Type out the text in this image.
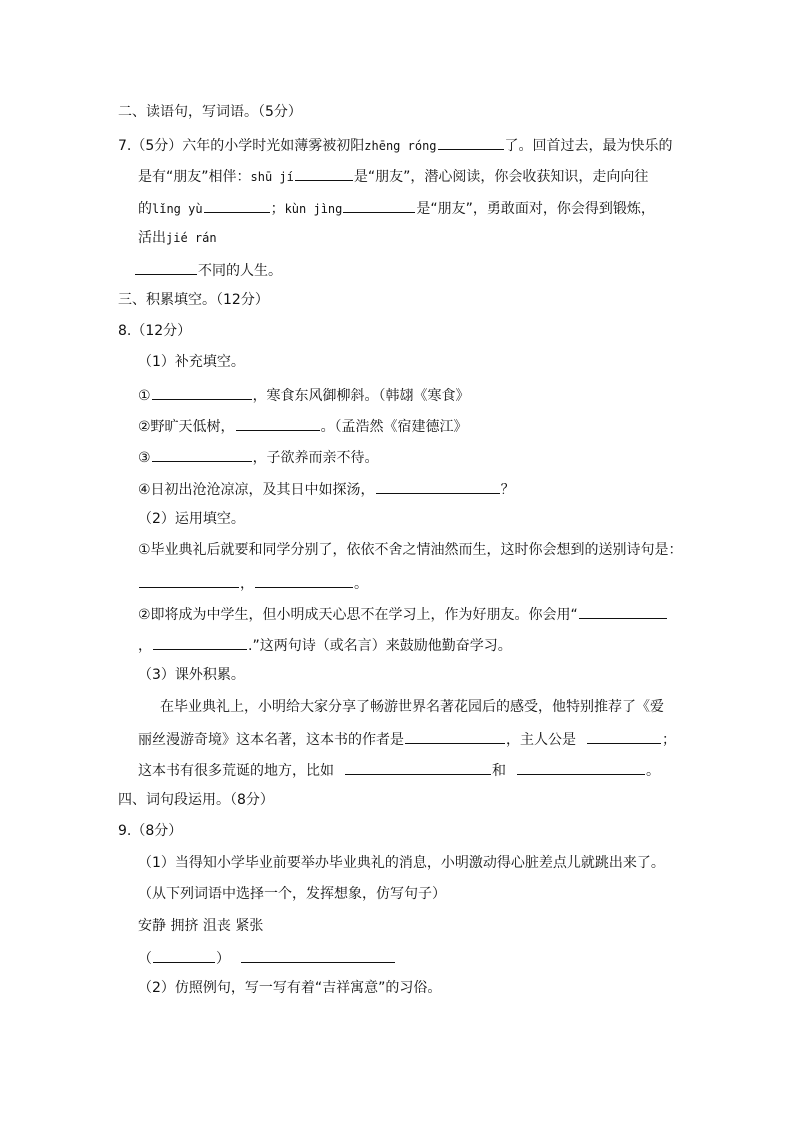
二、读语句，写词语。（5分）
7.（5分）六年的小学时光如薄雾被初阳zhēng róng	了。回首过去，最为快乐的
是有“朋友”相伴：shū jí	是“朋友”，潜心阅读，你会收获知识，走向向往
的lǐng yù	；kùn jìng	是“朋友”，勇敢面对，你会得到锻炼，
活出jié rán
不同的人生。
三、积累填空。（12分）
8.（12分）
（1）补充填空。
①	，寒食东风御柳斜。（韩翃《寒食》
②野旷天低树，	。（孟浩然《宿建德江》
③	，子欲养而亲不待。
④日初出沧沧凉凉，及其日中如探汤，	？
（2）运用填空。
①毕业典礼后就要和同学分别了，依依不舍之情油然而生，这时你会想到的送别诗句是：
，	。
②即将成为中学生，但小明成天心思不在学习上，作为好朋友。你会用“
，	.”这两句诗（或名言）来鼓励他勤奋学习。
（3）课外积累。
在毕业典礼上，小明给大家分享了畅游世界名著花园后的感受，他特别推荐了《爱
丽丝漫游奇境》这本名著，这本书的作者是	，主人公是	；
这本书有很多荒诞的地方，比如	和	。
四、词句段运用。（8分）
9.（8分）
（1）当得知小学毕业前要举办毕业典礼的消息，小明激动得心脏差点儿就跳出来了。
（从下列词语中选择一个，发挥想象，仿写句子）
安静 拥挤 沮丧 紧张
（	）
（2）仿照例句，写一写有着“吉祥寓意”的习俗。
